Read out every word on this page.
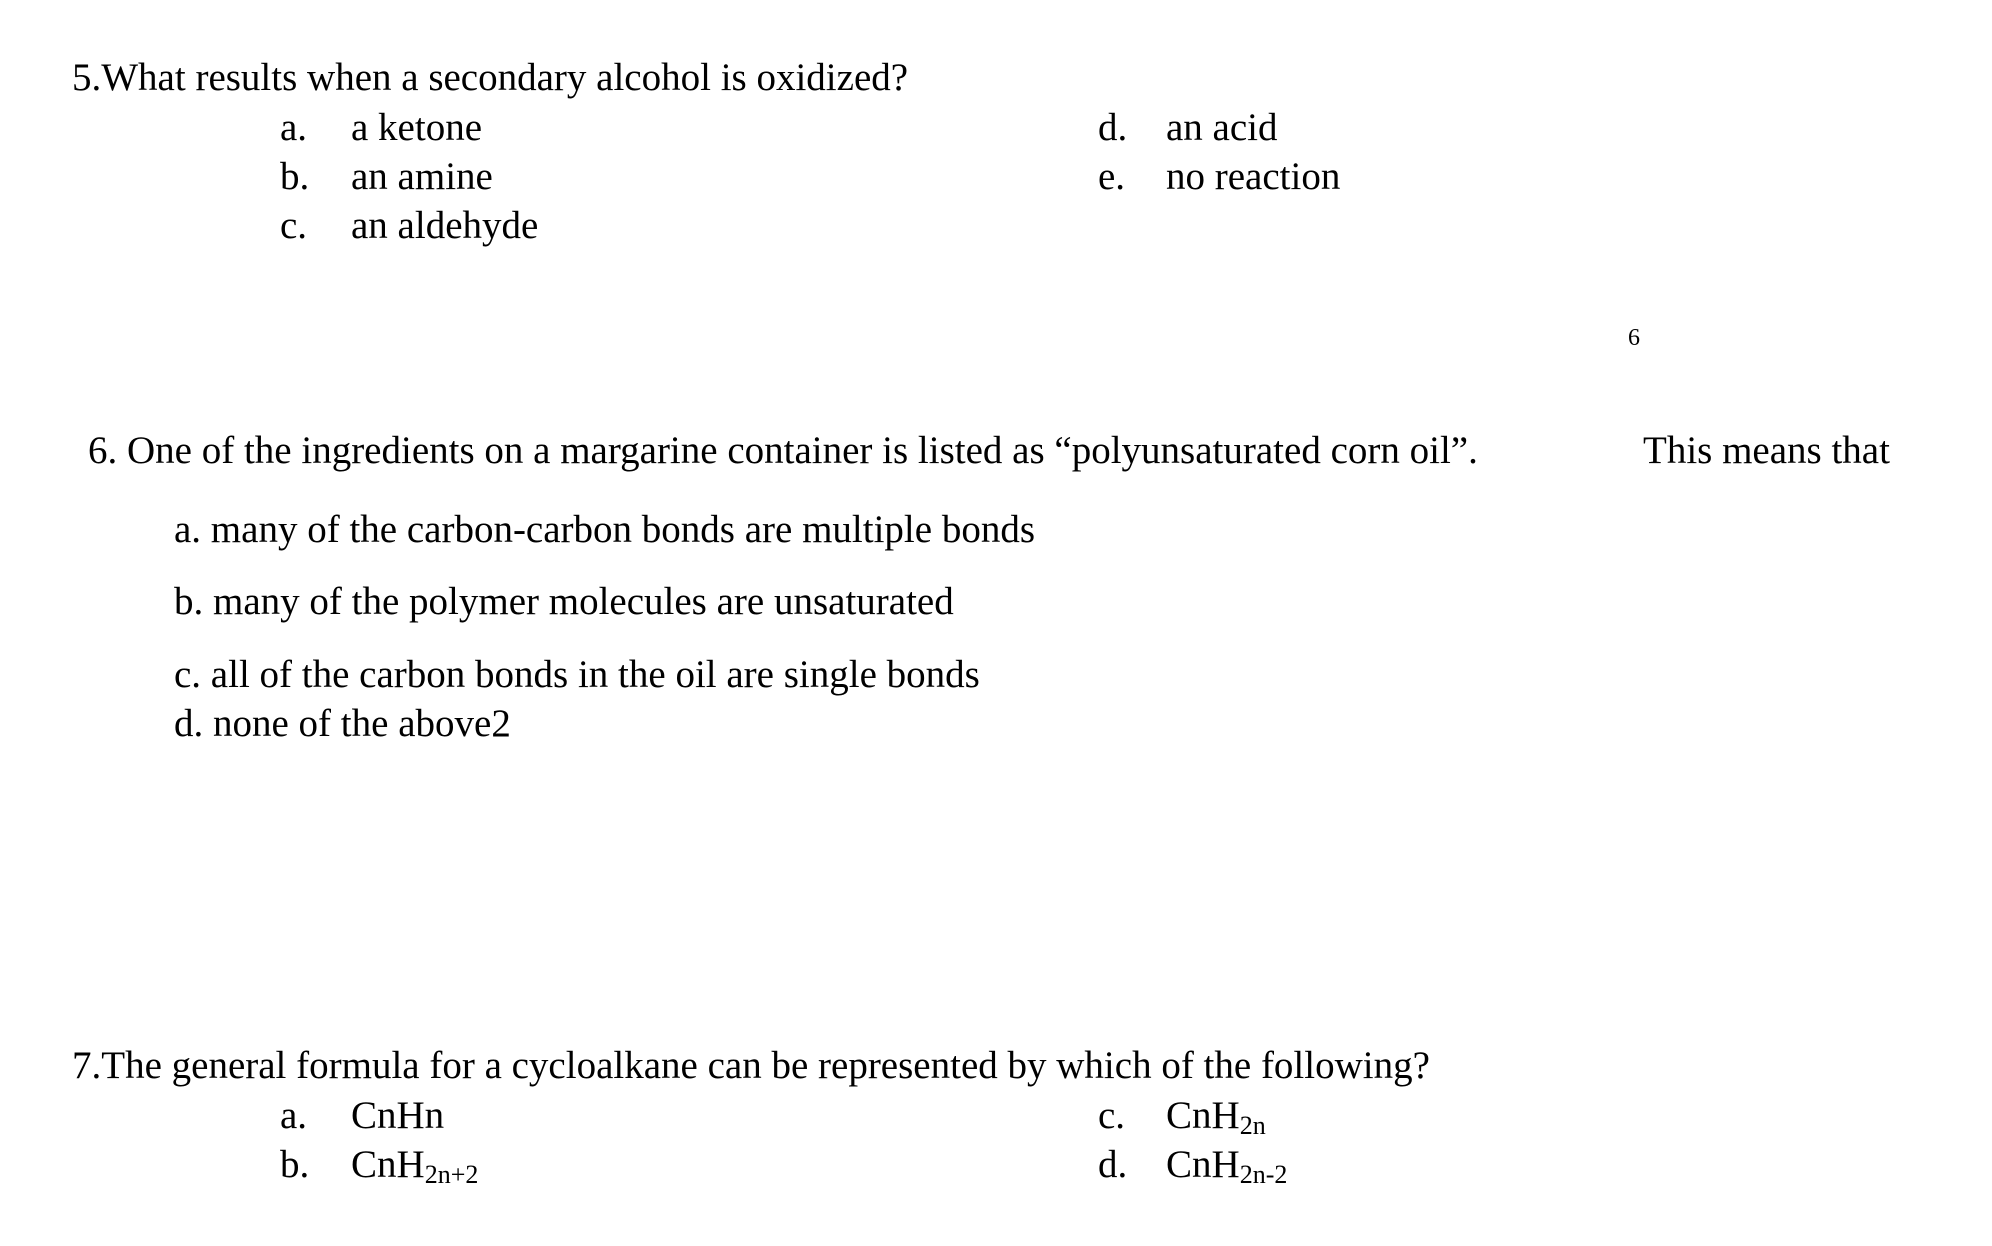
5.What results when a secondary alcohol is oxidized?
a. a ketone
b. an amine
c. an aldehyde
d. an acid
e. no reaction
6
6. One of the ingredients on a margarine container is listed as “polyunsaturated corn oil”.	This means that
a. many of the carbon-carbon bonds are multiple bonds
b. many of the polymer molecules are unsaturated
c. all of the carbon bonds in the oil are single bonds
d. none of the above2
7.The general formula for a cycloalkane can be represented by which of the following?
a. CnHn
b. CnH$_{2n+2}$
c. CnH$_{2n}$
d. CnH$_{2n-2}$
